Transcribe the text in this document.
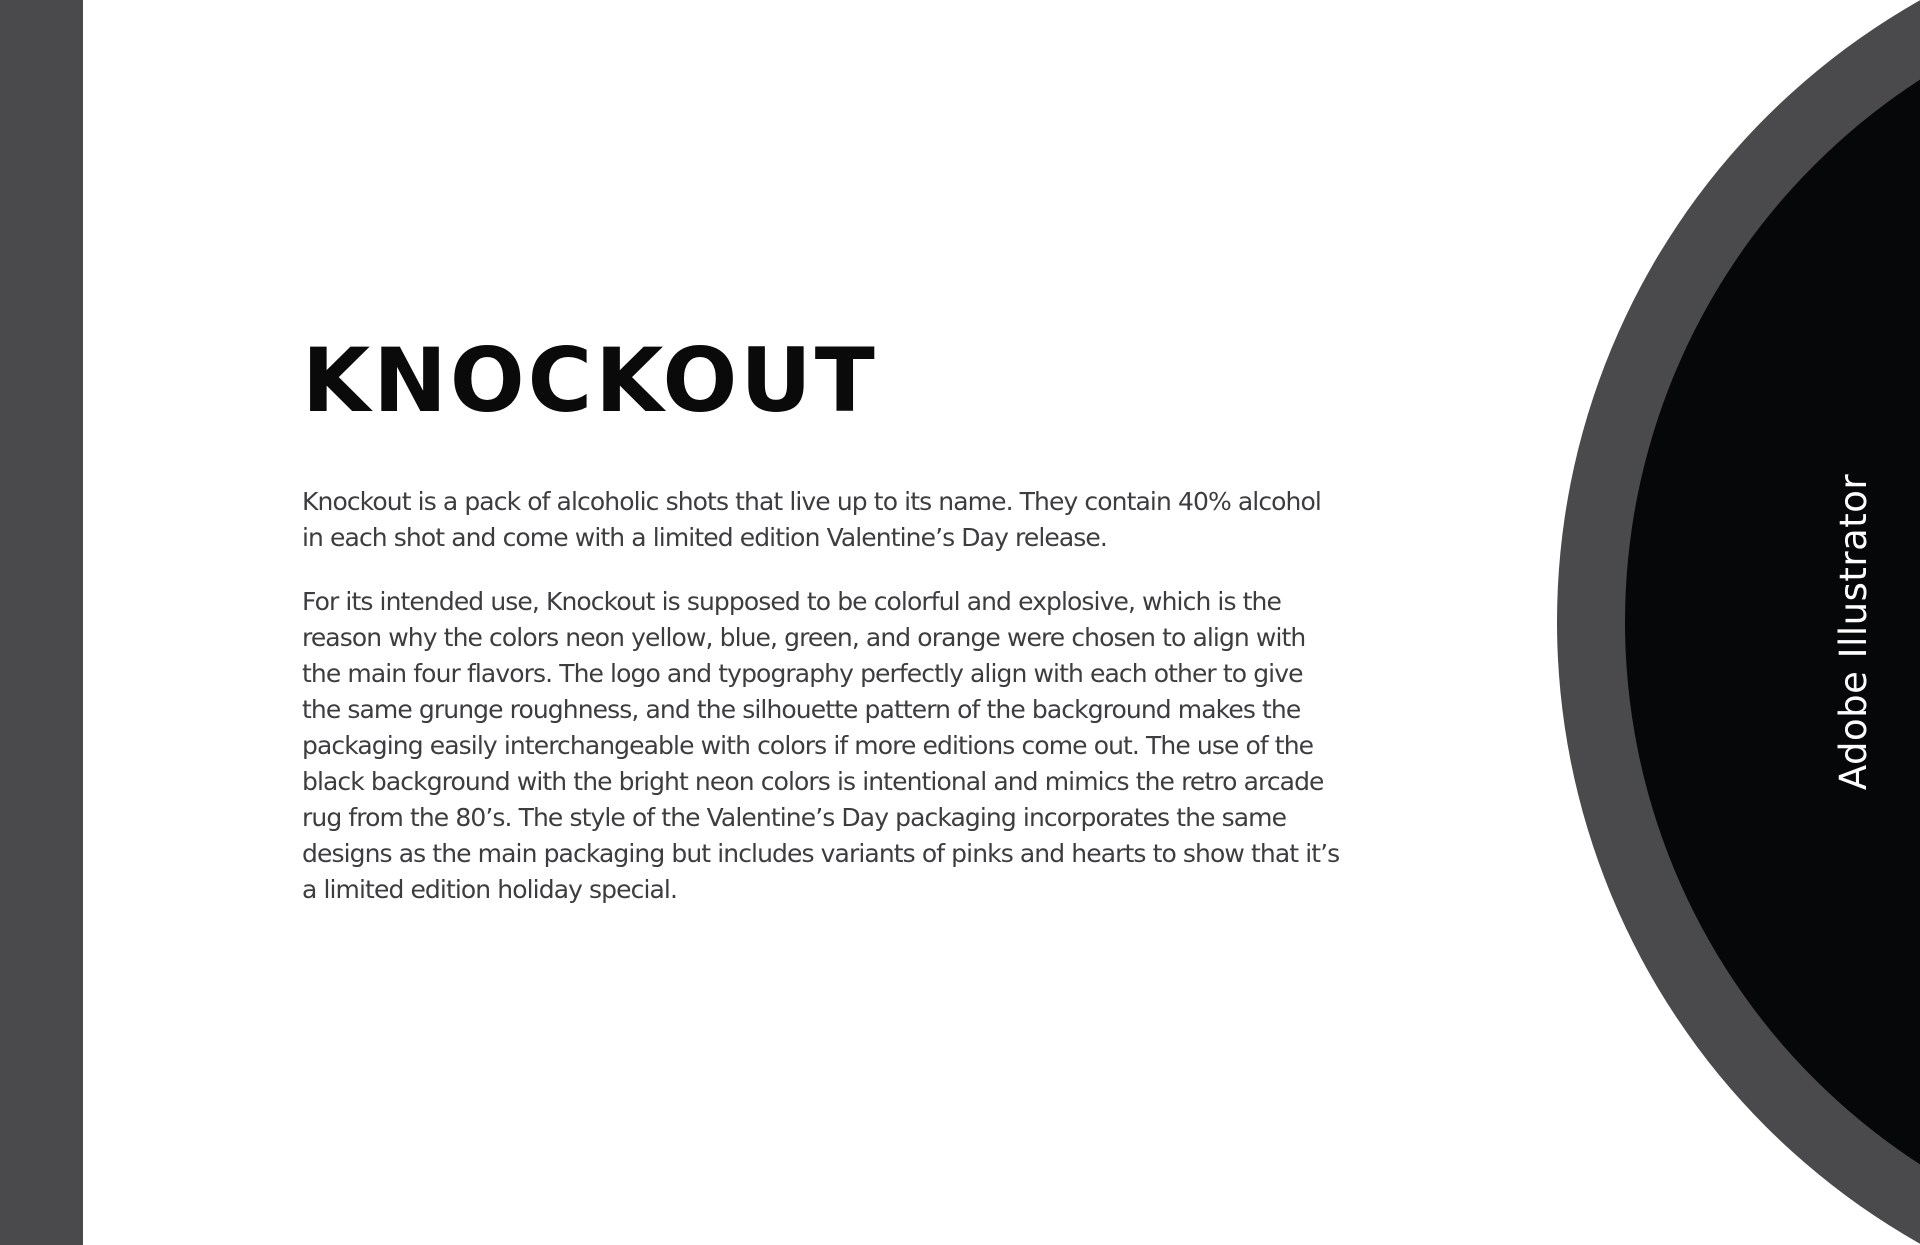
KNOCKOUT

Knockout is a pack of alcoholic shots that live up to its name. They contain 40% alcohol in each shot and come with a limited edition Valentine’s Day release.

For its intended use, Knockout is supposed to be colorful and explosive, which is the reason why the colors neon yellow, blue, green, and orange were chosen to align with the main four flavors. The logo and typography perfectly align with each other to give the same grunge roughness, and the silhouette pattern of the background makes the packaging easily interchangeable with colors if more editions come out. The use of the black background with the bright neon colors is intentional and mimics the retro arcade rug from the 80’s. The style of the Valentine’s Day packaging incorporates the same designs as the main packaging but includes variants of pinks and hearts to show that it’s a limited edition holiday special.

Adobe Illustrator
